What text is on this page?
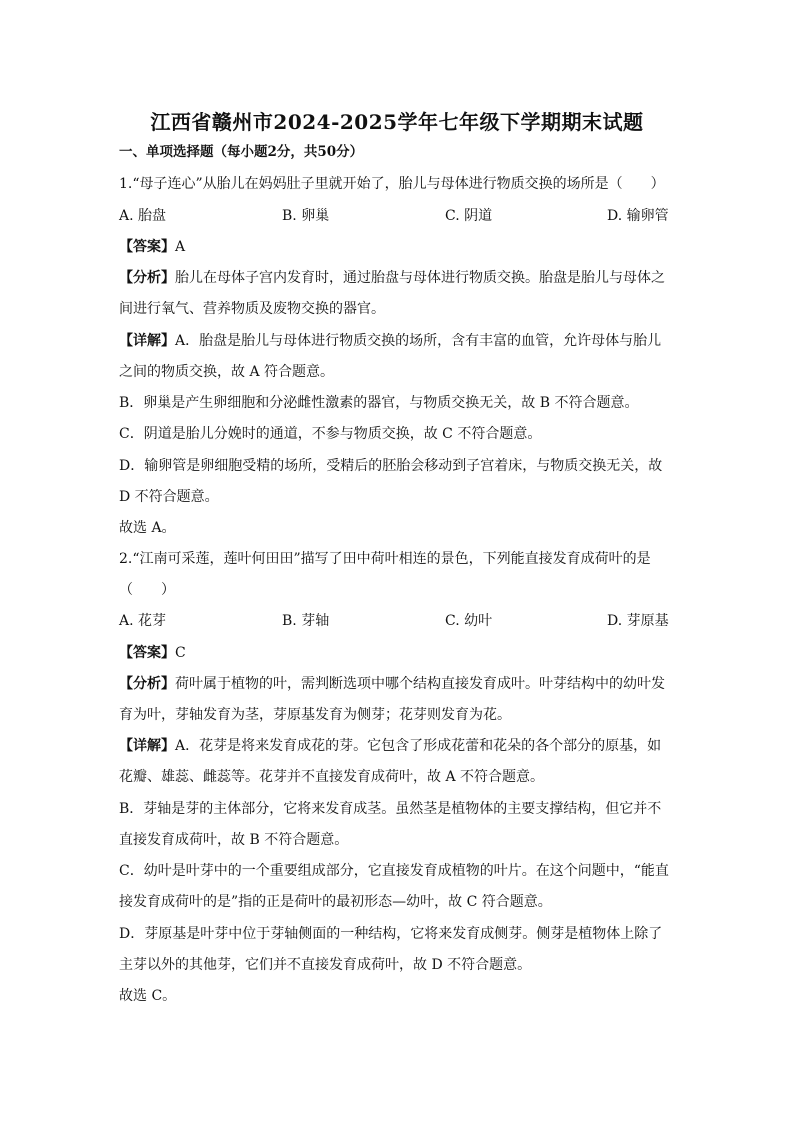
江西省赣州市2024-2025学年七年级下学期期末试题
一、单项选择题（每小题2分，共50分）
1.“母子连心”从胎儿在妈妈肚子里就开始了，胎儿与母体进行物质交换的场所是（　　）
A. 胎盘	B. 卵巢	C. 阴道	D. 输卵管
【答案】A
【分析】胎儿在母体子宫内发育时，通过胎盘与母体进行物质交换。胎盘是胎儿与母体之
间进行氧气、营养物质及废物交换的器官。
【详解】A．胎盘是胎儿与母体进行物质交换的场所，含有丰富的血管，允许母体与胎儿
之间的物质交换，故 A 符合题意。
B．卵巢是产生卵细胞和分泌雌性激素的器官，与物质交换无关，故 B 不符合题意。
C．阴道是胎儿分娩时的通道，不参与物质交换，故 C 不符合题意。
D．输卵管是卵细胞受精的场所，受精后的胚胎会移动到子宫着床，与物质交换无关，故
D 不符合题意。
故选 A。
2.“江南可采莲，莲叶何田田”描写了田中荷叶相连的景色，下列能直接发育成荷叶的是
（　　）
A. 花芽	B. 芽轴	C. 幼叶	D. 芽原基
【答案】C
【分析】荷叶属于植物的叶，需判断选项中哪个结构直接发育成叶。叶芽结构中的幼叶发
育为叶，芽轴发育为茎，芽原基发育为侧芽；花芽则发育为花。
【详解】A．花芽是将来发育成花的芽。它包含了形成花蕾和花朵的各个部分的原基，如
花瓣、雄蕊、雌蕊等。花芽并不直接发育成荷叶，故 A 不符合题意。
B．芽轴是芽的主体部分，它将来发育成茎。虽然茎是植物体的主要支撑结构，但它并不
直接发育成荷叶，故 B 不符合题意。
C．幼叶是叶芽中的一个重要组成部分，它直接发育成植物的叶片。在这个问题中，“能直
接发育成荷叶的是”指的正是荷叶的最初形态—幼叶，故 C 符合题意。
D．芽原基是叶芽中位于芽轴侧面的一种结构，它将来发育成侧芽。侧芽是植物体上除了
主芽以外的其他芽，它们并不直接发育成荷叶，故 D 不符合题意。
故选 C。
